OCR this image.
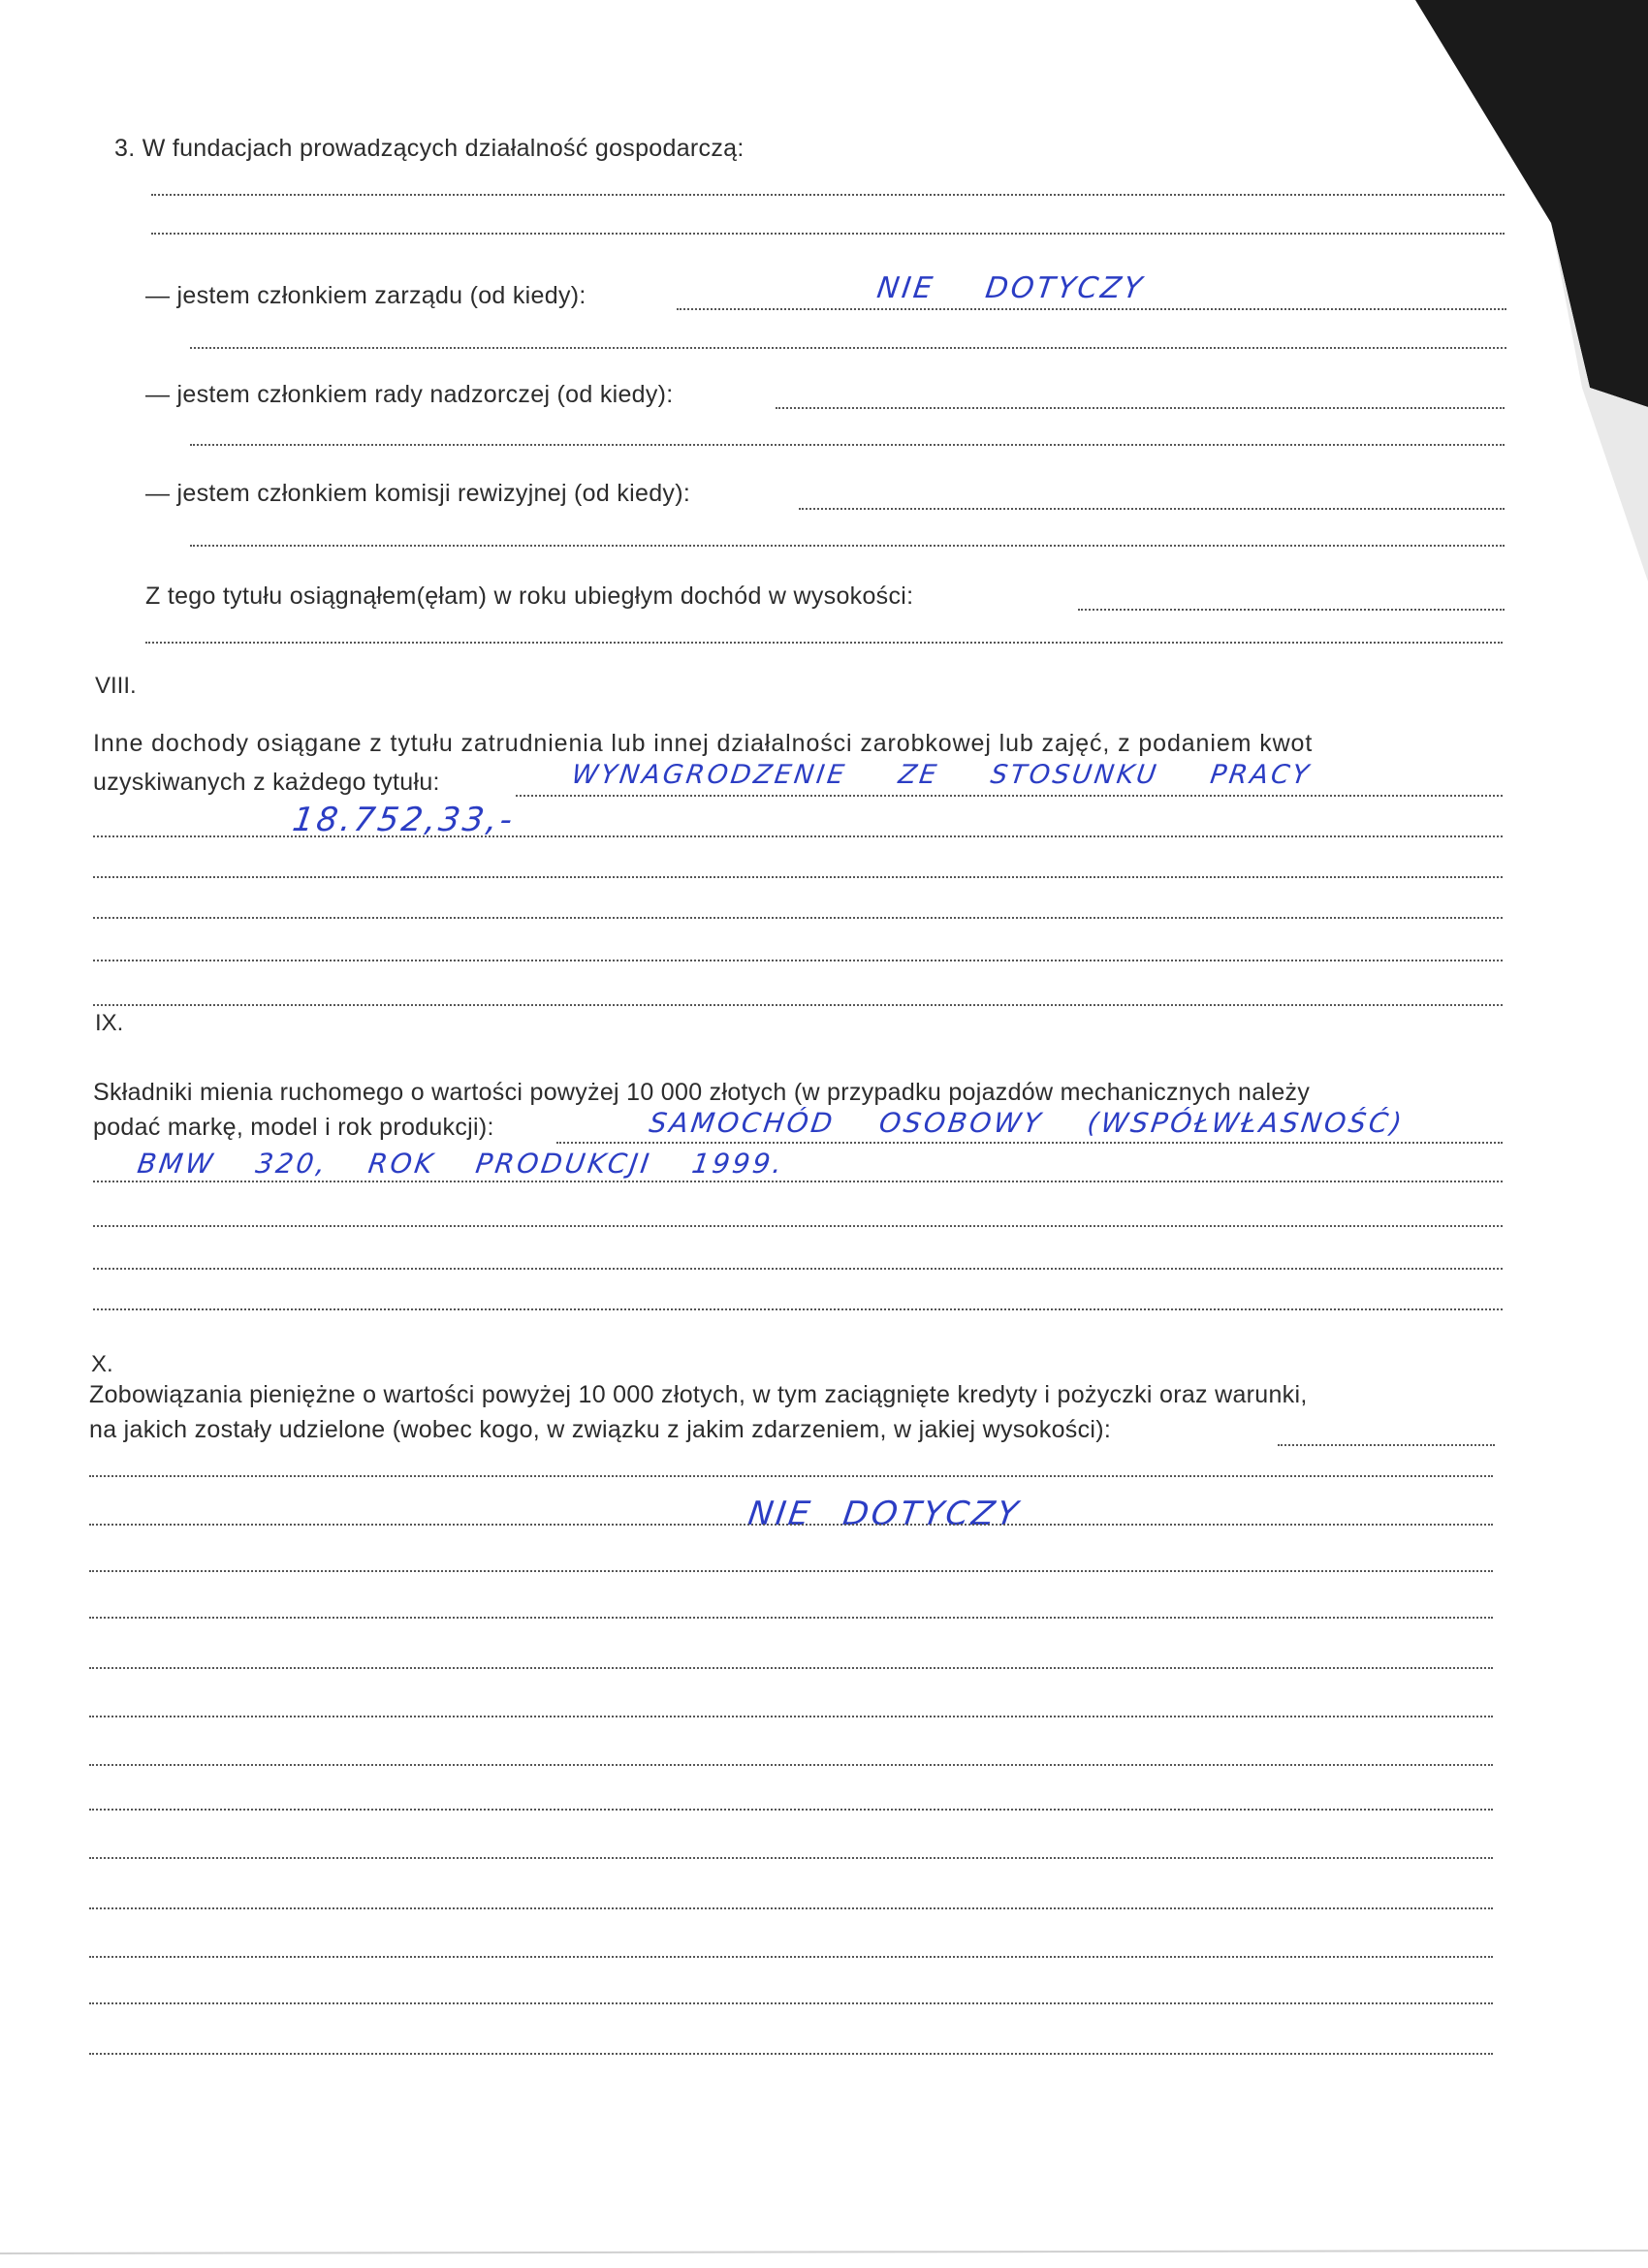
3. W fundacjach prowadzących działalność gospodarczą:
— jestem członkiem zarządu (od kiedy):	NIE DOTYCZY
— jestem członkiem rady nadzorczej (od kiedy):
— jestem członkiem komisji rewizyjnej (od kiedy):
Z tego tytułu osiągnąłem(ęłam) w roku ubiegłym dochód w wysokości:
VIII.
Inne dochody osiągane z tytułu zatrudnienia lub innej działalności zarobkowej lub zajęć, z podaniem kwot
uzyskiwanych z każdego tytułu:	WYNAGRODZENIE ZE STOSUNKU PRACY
18.752,33,-
IX.
Składniki mienia ruchomego o wartości powyżej 10 000 złotych (w przypadku pojazdów mechanicznych należy
podać markę, model i rok produkcji):	SAMOCHÓD OSOBOWY (WSPÓŁWŁASNOŚĆ)
BMW 320, ROK PRODUKCJI 1999.
X.
Zobowiązania pieniężne o wartości powyżej 10 000 złotych, w tym zaciągnięte kredyty i pożyczki oraz warunki,
na jakich zostały udzielone (wobec kogo, w związku z jakim zdarzeniem, w jakiej wysokości):
NIE DOTYCZY
